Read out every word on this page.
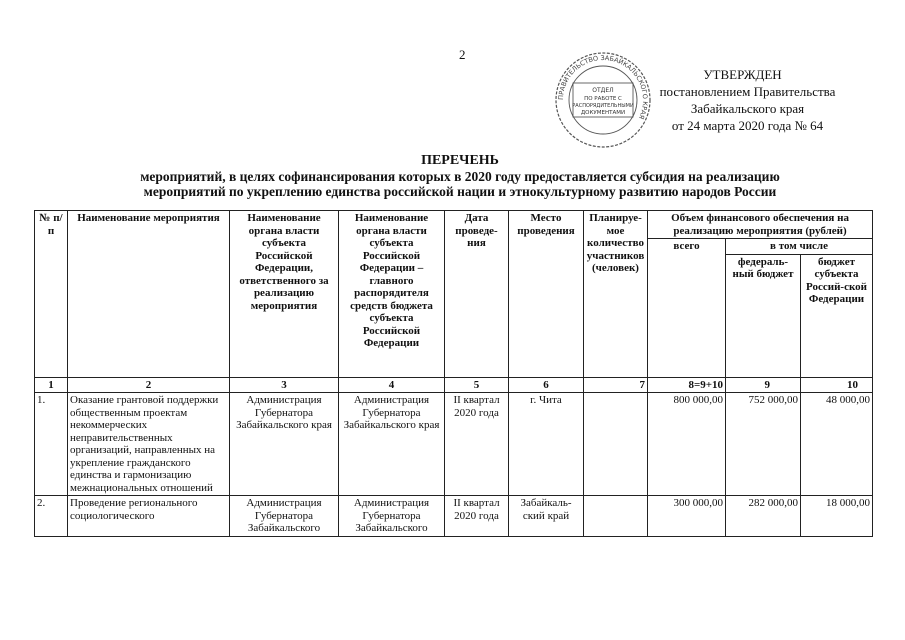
2
ПРАВИТЕЛЬСТВО ЗАБАЙКАЛЬСКОГО КРАЯ
ОТДЕЛ
ПО РАБОТЕ С
РАСПОРЯДИТЕЛЬНЫМИ
ДОКУМЕНТАМИ
УТВЕРЖДЕН
постановлением Правительства
Забайкальского края
от 24 марта 2020 года № 64
ПЕРЕЧЕНЬ
мероприятий, в целях софинансирования которых в 2020 году предоставляется субсидия на реализацию
мероприятий по укреплению единства российской нации и этнокультурному развитию народов России
№ п/п	Наименование мероприятия	Наименование органа власти субъекта Российской Федерации, ответственного за реализацию мероприятия	Наименование органа власти субъекта Российской Федерации – главного распорядителя средств бюджета субъекта Российской Федерации	Дата проведе-ния	Место проведения	Планируе-мое количество участников (человек)	Объем финансового обеспечения на реализацию мероприятия (рублей)		
							всего	в том числе	
								федераль-ный бюджет	бюджет субъекта Россий-ской Федерации
1	2	3	4	5	6	7	8=9+10	9	10
1.	Оказание грантовой поддержки общественным проектам некоммерческих неправительственных организаций, направленных на укрепление гражданского единства и гармонизацию межнациональных отношений	Администрация Губернатора Забайкальского края	Администрация Губернатора Забайкальского края	II квартал 2020 года	г. Чита		800 000,00	752 000,00	48 000,00
2.	Проведение регионального социологического	Администрация Губернатора Забайкальского	Администрация Губернатора Забайкальского	II квартал 2020 года	Забайкаль-ский край		300 000,00	282 000,00	18 000,00
